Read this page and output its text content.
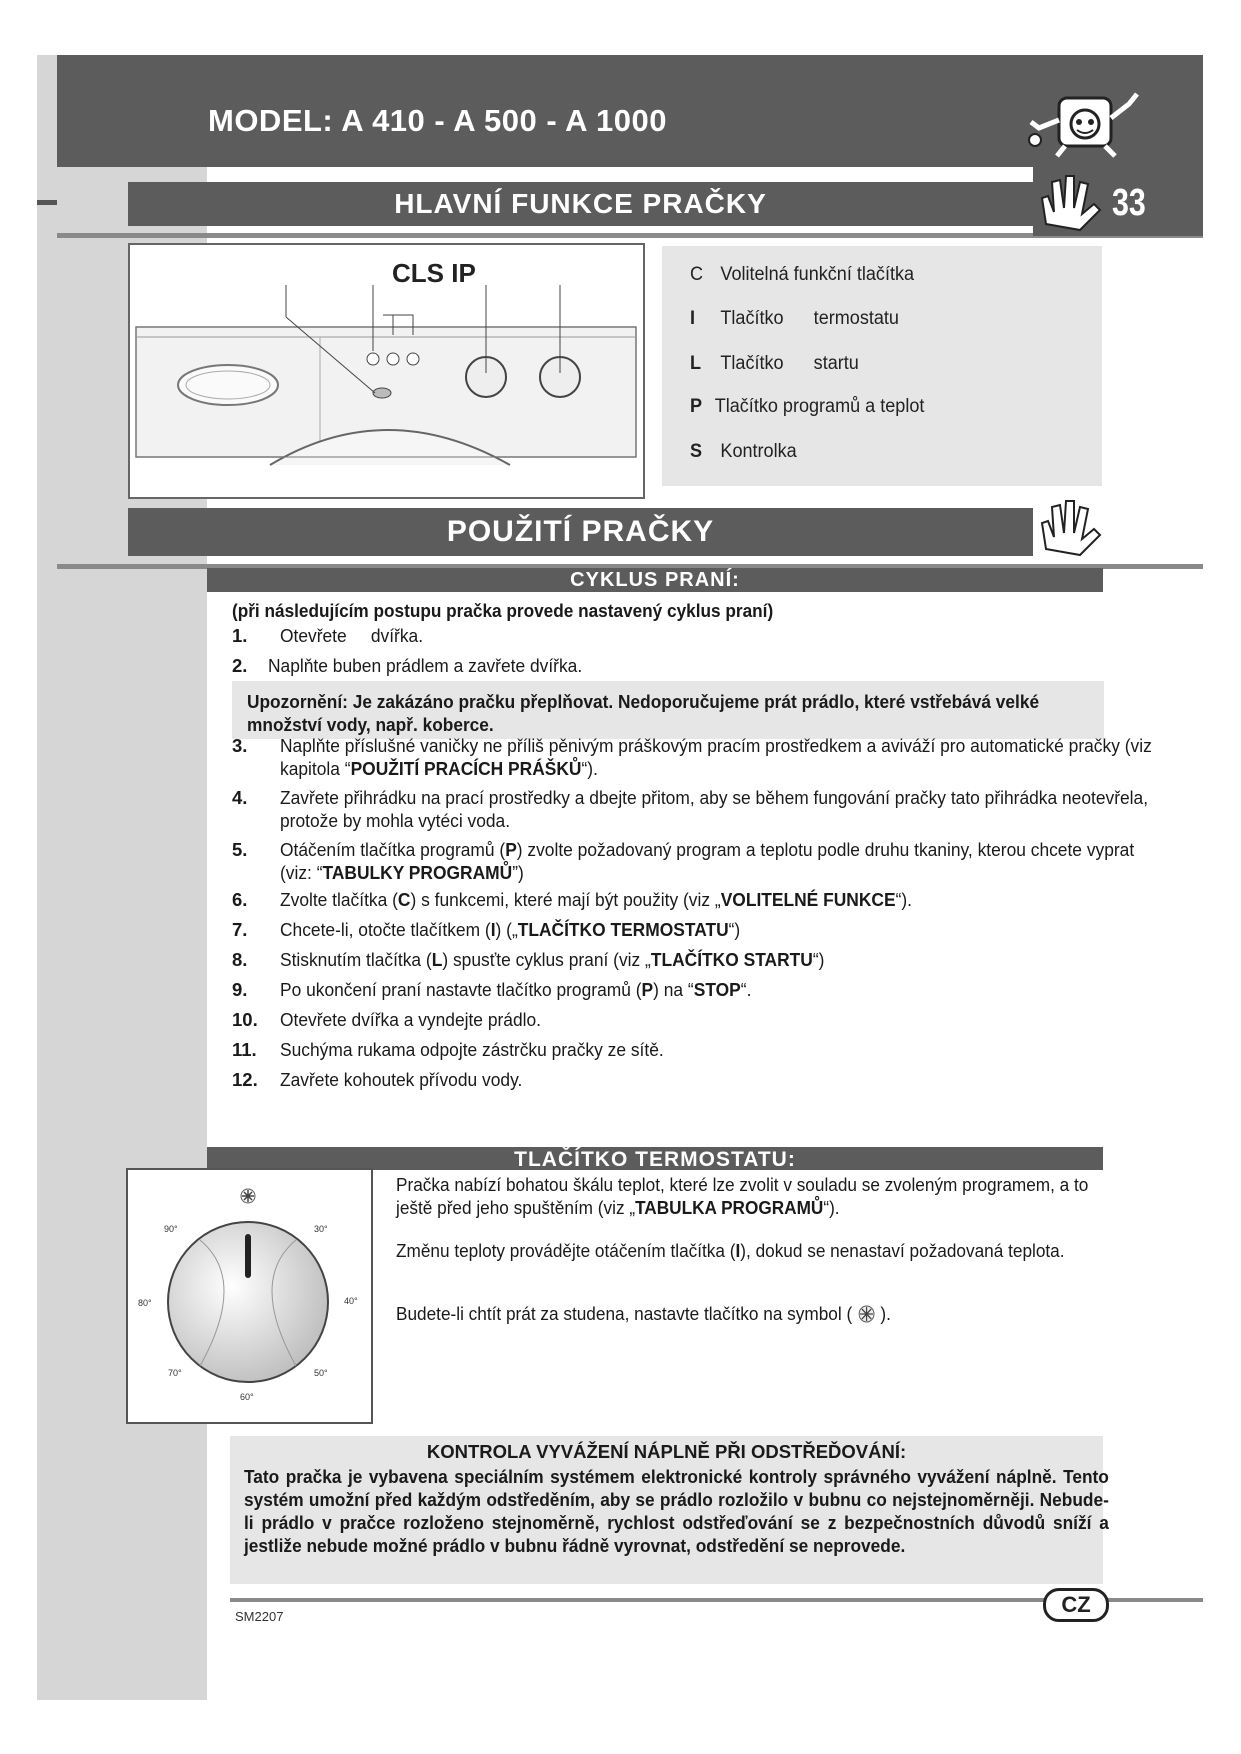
MODEL: A 410 - A 500 - A 1000
HLAVNÍ FUNKCE PRAČKY	33
CLS IP	C Volitelná funkční tlačítka
I Tlačítko      termostatu
L Tlačítko      startu
P Tlačítko programů a teplot
S Kontrolka
POUŽITÍ PRAČKY
CYKLUS PRANÍ:
(při následujícím postupu pračka provede nastavený cyklus praní)
1. Otevřete     dvířka.
2. Naplňte buben prádlem a zavřete dvířka.
Upozornění: Je zakázáno pračku přeplňovat. Nedoporučujeme prát prádlo, které vstřebává velké množství vody, např. koberce.
3. Naplňte příslušné vaničky ne příliš pěnivým práškovým pracím prostředkem a aviváží pro automatické pračky (viz kapitola “POUŽITÍ PRACÍCH PRÁŠKŮ“).
4. Zavřete přihrádku na prací prostředky a dbejte přitom, aby se během fungování pračky tato přihrádka neotevřela, protože by mohla vytéci voda.
5. Otáčením tlačítka programů (P) zvolte požadovaný program a teplotu podle druhu tkaniny, kterou chcete vyprat (viz: “TABULKY PROGRAMŮ”)
6. Zvolte tlačítka (C) s funkcemi, které mají být použity (viz „VOLITELNÉ FUNKCE“).
7. Chcete-li, otočte tlačítkem (I) („TLAČÍTKO TERMOSTATU“)
8. Stisknutím tlačítka (L) spusťte cyklus praní (viz „TLAČÍTKO STARTU“)
9. Po ukončení praní nastavte tlačítko programů (P) na “STOP“.
10. Otevřete dvířka a vyndejte prádlo.
11. Suchýma rukama odpojte zástrčku pračky ze sítě.
12. Zavřete kohoutek přívodu vody.
TLAČÍTKO TERMOSTATU:
90°	30°
80°	40°
70°	50°
60°
Pračka nabízí bohatou škálu teplot, které lze zvolit v souladu se zvoleným programem, a to ještě před jeho spuštěním (viz „TABULKA PROGRAMŮ“).
Změnu teploty provádějte otáčením tlačítka (I), dokud se nenastaví požadovaná teplota.
Budete-li chtít prát za studena, nastavte tlačítko na symbol ( ).
KONTROLA VYVÁŽENÍ NÁPLNĚ PŘI ODSTŘEĎOVÁNÍ:
Tato pračka je vybavena speciálním systémem elektronické kontroly správného vyvážení náplně. Tento systém umožní před každým odstředěním, aby se prádlo rozložilo v bubnu co nejstejnoměrněji. Nebude-li prádlo v pračce rozloženo stejnoměrně, rychlost odstřeďování se z bezpečnostních důvodů sníží a jestliže nebude možné prádlo v bubnu řádně vyrovnat, odstředění se neprovede.
CZ
SM2207
